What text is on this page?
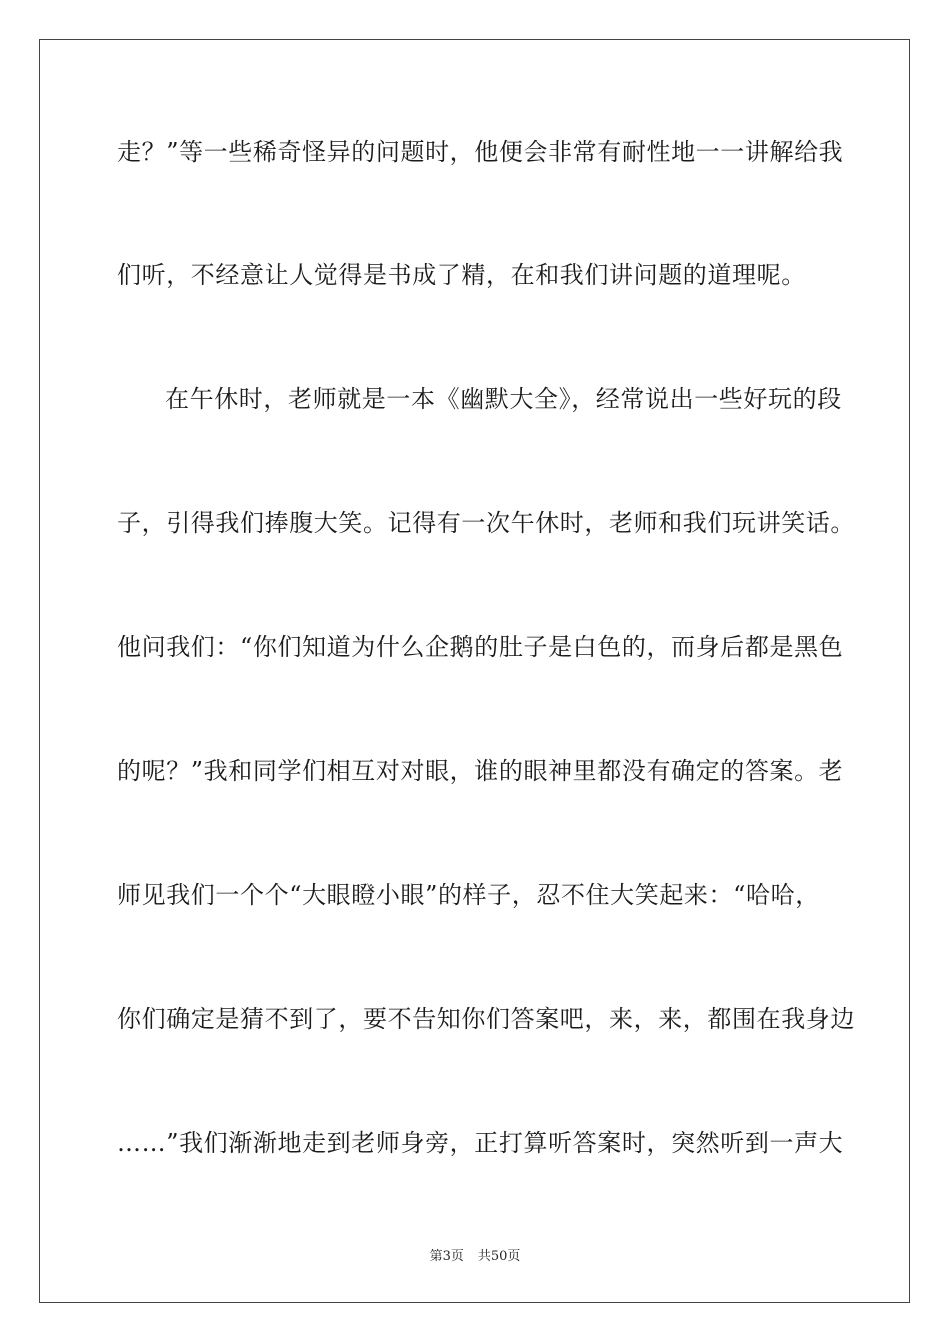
走？”等一些稀奇怪异的问题时，他便会非常有耐性地一一讲解给我
们听，不经意让人觉得是书成了精，在和我们讲问题的道理呢。
在午休时，老师就是一本《幽默大全》，经常说出一些好玩的段
子，引得我们捧腹大笑。记得有一次午休时，老师和我们玩讲笑话。
他问我们：“你们知道为什么企鹅的肚子是白色的，而身后都是黑色
的呢？”我和同学们相互对对眼，谁的眼神里都没有确定的答案。老
师见我们一个个“大眼瞪小眼”的样子，忍不住大笑起来：“哈哈，
你们确定是猜不到了，要不告知你们答案吧，来，来，都围在我身边
……”我们渐渐地走到老师身旁，正打算听答案时，突然听到一声大
第3页 共50页
